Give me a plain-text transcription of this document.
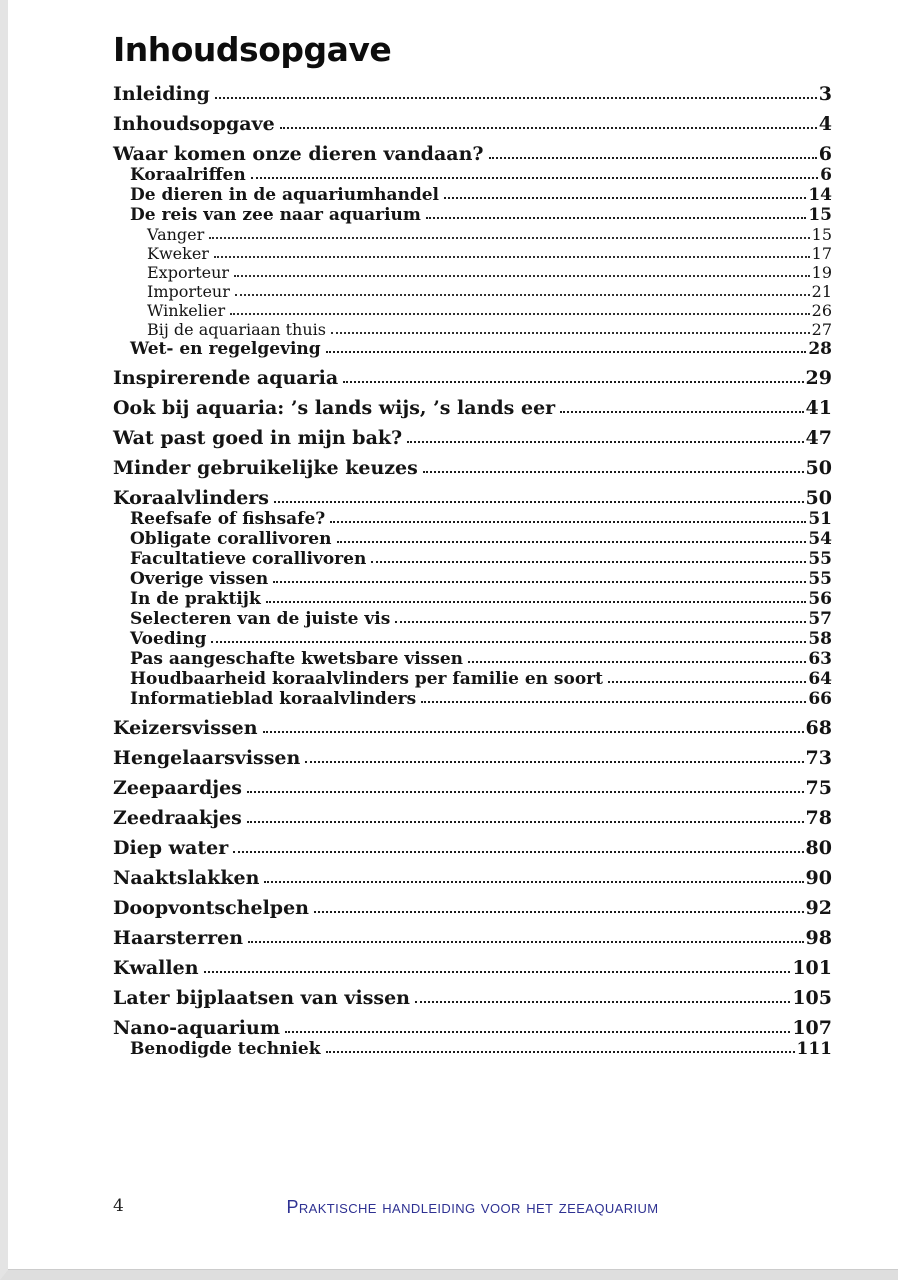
Inhoudsopgave
Inleiding	3
Inhoudsopgave	4
Waar komen onze dieren vandaan?	6
Koraalriffen	6
De dieren in de aquariumhandel	14
De reis van zee naar aquarium	15
Vanger	15
Kweker	17
Exporteur	19
Importeur	21
Winkelier	26
Bij de aquariaan thuis	27
Wet- en regelgeving	28
Inspirerende aquaria	29
Ook bij aquaria: ’s lands wijs, ’s lands eer	41
Wat past goed in mijn bak?	47
Minder gebruikelijke keuzes	50
Koraalvlinders	50
Reefsafe of fishsafe?	51
Obligate corallivoren	54
Facultatieve corallivoren	55
Overige vissen	55
In de praktijk	56
Selecteren van de juiste vis	57
Voeding	58
Pas aangeschafte kwetsbare vissen	63
Houdbaarheid koraalvlinders per familie en soort	64
Informatieblad koraalvlinders	66
Keizersvissen	68
Hengelaarsvissen	73
Zeepaardjes	75
Zeedraakjes	78
Diep water	80
Naaktslakken	90
Doopvontschelpen	92
Haarsterren	98
Kwallen	101
Later bijplaatsen van vissen	105
Nano-aquarium	107
Benodigde techniek	111
4	Praktische handleiding voor het zeeaquarium
